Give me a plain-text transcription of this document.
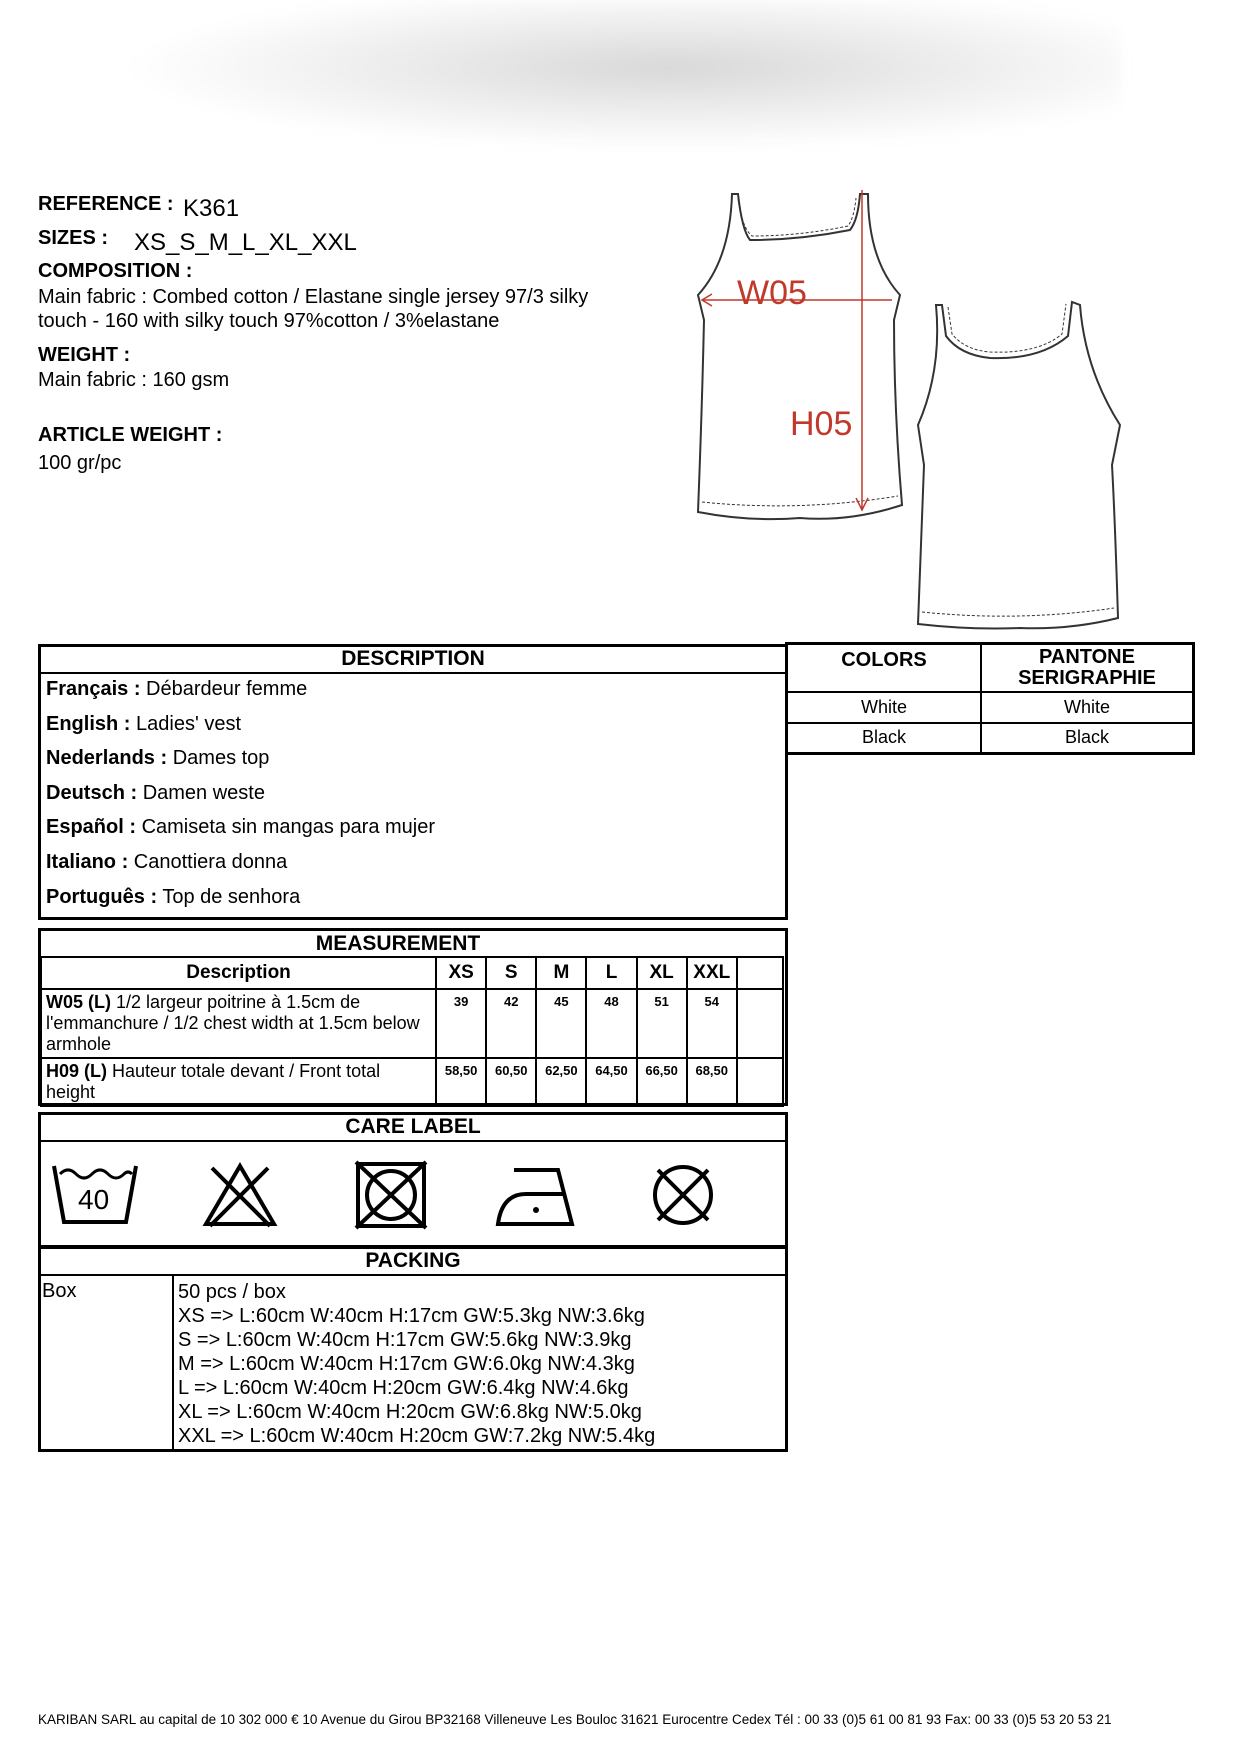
REFERENCE : K361
SIZES : XS_S_M_L_XL_XXL
COMPOSITION :
Main fabric : Combed cotton / Elastane single jersey 97/3 silky
touch - 160 with silky touch 97%cotton / 3%elastane
WEIGHT :
Main fabric : 160 gsm
ARTICLE WEIGHT :
100 gr/pc
W05
H05
DESCRIPTION
Français : Débardeur femme
English : Ladies' vest
Nederlands : Dames top
Deutsch : Damen weste
Español : Camiseta sin mangas para mujer
Italiano : Canottiera donna
Português : Top de senhora
COLORS	PANTONE
SERIGRAPHIE
White	White
Black	Black
MEASUREMENT
Description	XS	S	M	L	XL	XXL	
W05 (L) 1/2 largeur poitrine à 1.5cm de l'emmanchure / 1/2 chest width at 1.5cm below armhole	39	42	45	48	51	54	
H09 (L) Hauteur totale devant / Front total height	58,50	60,50	62,50	64,50	66,50	68,50	
CARE LABEL
40
PACKING
Box	50 pcs / box
XS => L:60cm W:40cm H:17cm GW:5.3kg NW:3.6kg
S => L:60cm W:40cm H:17cm GW:5.6kg NW:3.9kg
M => L:60cm W:40cm H:17cm GW:6.0kg NW:4.3kg
L => L:60cm W:40cm H:20cm GW:6.4kg NW:4.6kg
XL => L:60cm W:40cm H:20cm GW:6.8kg NW:5.0kg
XXL => L:60cm W:40cm H:20cm GW:7.2kg NW:5.4kg
KARIBAN SARL au capital de 10 302 000 € 10 Avenue du Girou BP32168 Villeneuve Les Bouloc 31621 Eurocentre Cedex Tél : 00 33 (0)5 61 00 81 93 Fax: 00 33 (0)5 53 20 53 21
